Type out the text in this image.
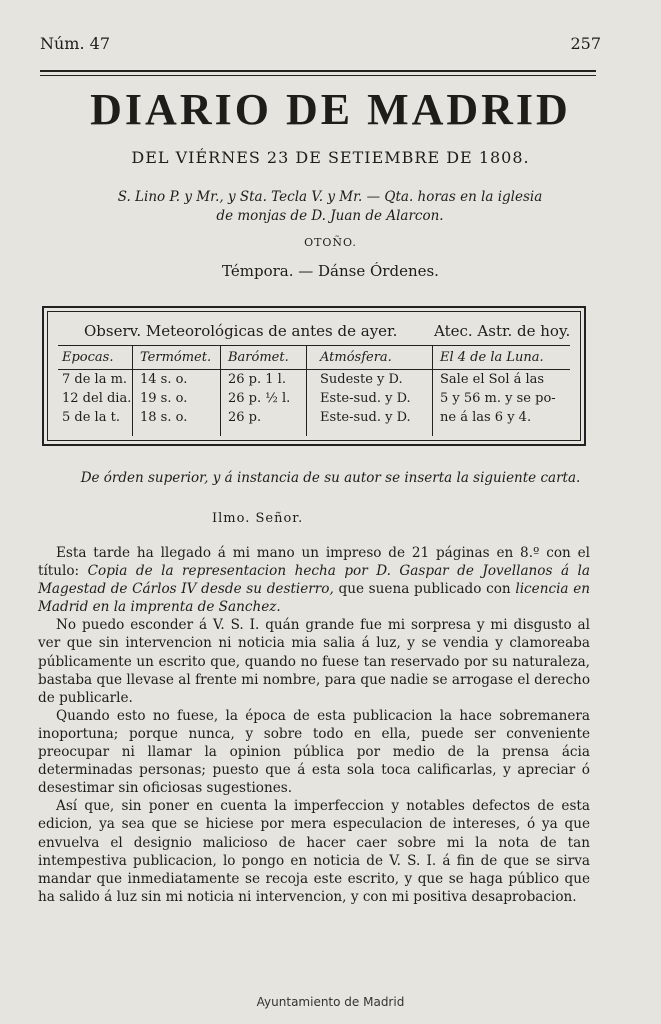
Núm. 47	257
DIARIO DE MADRID
DEL VIÉRNES 23 DE SETIEMBRE DE 1808.
S. Lino P. y Mr., y Sta. Tecla V. y Mr. — Qta. horas en la iglesia
de monjas de D. Juan de Alarcon.
OTOÑO.
Témpora. — Dánse Órdenes.
Observ. Meteorológicas de antes de ayer. Atec. Astr. de hoy.
Epocas.
7 de la m.
12 del dia.
5 de la t.
Termómet.
14 s. o.
19 s. o.
18 s. o.
Barómet.
26 p. 1 l.
26 p. ½ l.
26 p.
Atmósfera.
Sudeste y D.
Este-sud. y D.
Este-sud. y D.
El 4 de la Luna.
Sale el Sol á las
5 y 56 m. y se po-
ne á las 6 y 4.
De órden superior, y á instancia de su autor se inserta la siguiente carta.
Ilmo. Señor.

Esta tarde ha llegado á mi mano un impreso de 21 páginas en 8.º con el título: Copia de la representacion hecha por D. Gaspar de Jovellanos á la Magestad de Cárlos IV desde su destierro, que suena publicado con licencia en Madrid en la imprenta de Sanchez.

No puedo esconder á V. S. I. quán grande fue mi sorpresa y mi disgusto al ver que sin intervencion ni noticia mia salia á luz, y se vendia y clamoreaba públicamente un escrito que, quando no fuese tan reservado por su naturaleza, bastaba que llevase al frente mi nombre, para que nadie se arrogase el derecho de publicarle.

Quando esto no fuese, la época de esta publicacion la hace sobremanera inoportuna; porque nunca, y sobre todo en ella, puede ser conveniente preocupar ni llamar la opinion pública por medio de la prensa ácia determinadas personas; puesto que á esta sola toca calificarlas, y apreciar ó desestimar sin oficiosas sugestiones.

Así que, sin poner en cuenta la imperfeccion y notables defectos de esta edicion, ya sea que se hiciese por mera especulacion de intereses, ó ya que envuelva el designio malicioso de hacer caer sobre mi la nota de tan intempestiva publicacion, lo pongo en noticia de V. S. I. á fin de que se sirva mandar que inmediatamente se recoja este escrito, y que se haga público que ha salido á luz sin mi noticia ni intervencion, y con mi positiva desaprobacion.

Ayuntamiento de Madrid
